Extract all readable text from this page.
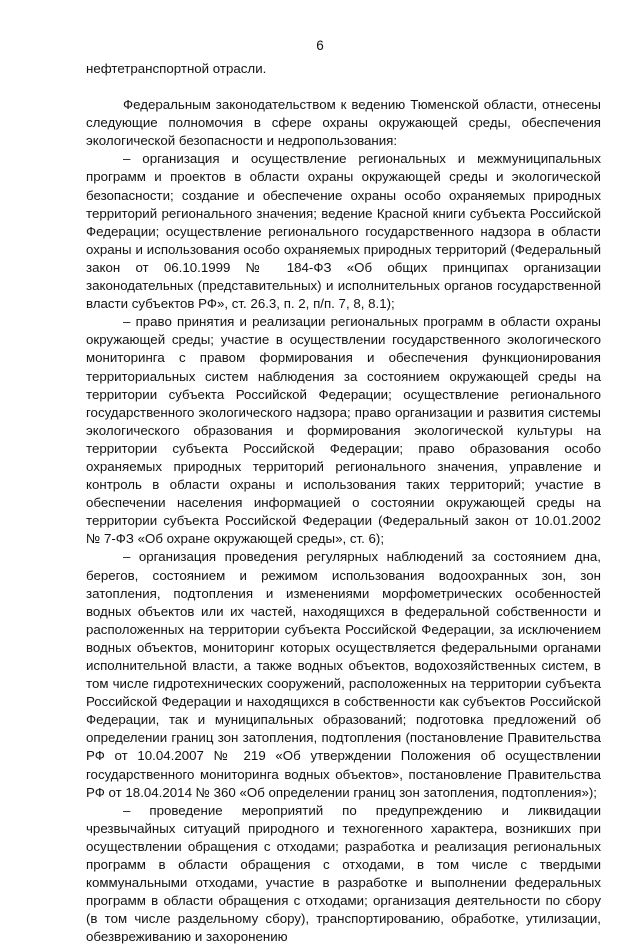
6

нефтетранспортной отрасли.

Федеральным законодательством к ведению Тюменской области, отнесены следующие полномочия в сфере охраны окружающей среды, обеспечения экологической безопасности и недропользования:

– организация и осуществление региональных и межмуниципальных программ и проектов в области охраны окружающей среды и экологической безопасности; создание и обеспечение охраны особо охраняемых природных территорий регионального значения; ведение Красной книги субъекта Российской Федерации; осуществление регионального государственного надзора в области охраны и использования особо охраняемых природных территорий (Федеральный закон от 06.10.1999 № 184-ФЗ «Об общих принципах организации законодательных (представительных) и исполнительных органов государственной власти субъектов РФ», ст. 26.3, п. 2, п/п. 7, 8, 8.1);

– право принятия и реализации региональных программ в области охраны окружающей среды; участие в осуществлении государственного экологического мониторинга с правом формирования и обеспечения функционирования территориальных систем наблюдения за состоянием окружающей среды на территории субъекта Российской Федерации; осуществление регионального государственного экологического надзора; право организации и развития системы экологического образования и формирования экологической культуры на территории субъекта Российской Федерации; право образования особо охраняемых природных территорий регионального значения, управление и контроль в области охраны и использования таких территорий; участие в обеспечении населения информацией о состоянии окружающей среды на территории субъекта Российской Федерации (Федеральный закон от 10.01.2002 № 7-ФЗ «Об охране окружающей среды», ст. 6);

– организация проведения регулярных наблюдений за состоянием дна, берегов, состоянием и режимом использования водоохранных зон, зон затопления, подтопления и изменениями морфометрических особенностей водных объектов или их частей, находящихся в федеральной собственности и расположенных на территории субъекта Российской Федерации, за исключением водных объектов, мониторинг которых осуществляется федеральными органами исполнительной власти, а также водных объектов, водохозяйственных систем, в том числе гидротехнических сооружений, расположенных на территории субъекта Российской Федерации и находящихся в собственности как субъектов Российской Федерации, так и муниципальных образований; подготовка предложений об определении границ зон затопления, подтопления (постановление Правительства РФ от 10.04.2007 № 219 «Об утверждении Положения об осуществлении государственного мониторинга водных объектов», постановление Правительства РФ от 18.04.2014 № 360 «Об определении границ зон затопления, подтопления»);

– проведение мероприятий по предупреждению и ликвидации чрезвычайных ситуаций природного и техногенного характера, возникших при осуществлении обращения с отходами; разработка и реализация региональных программ в области обращения с отходами, в том числе с твердыми коммунальными отходами, участие в разработке и выполнении федеральных программ в области обращения с отходами; организация деятельности по сбору (в том числе раздельному сбору), транспортированию, обработке, утилизации, обезвреживанию и захоронению
